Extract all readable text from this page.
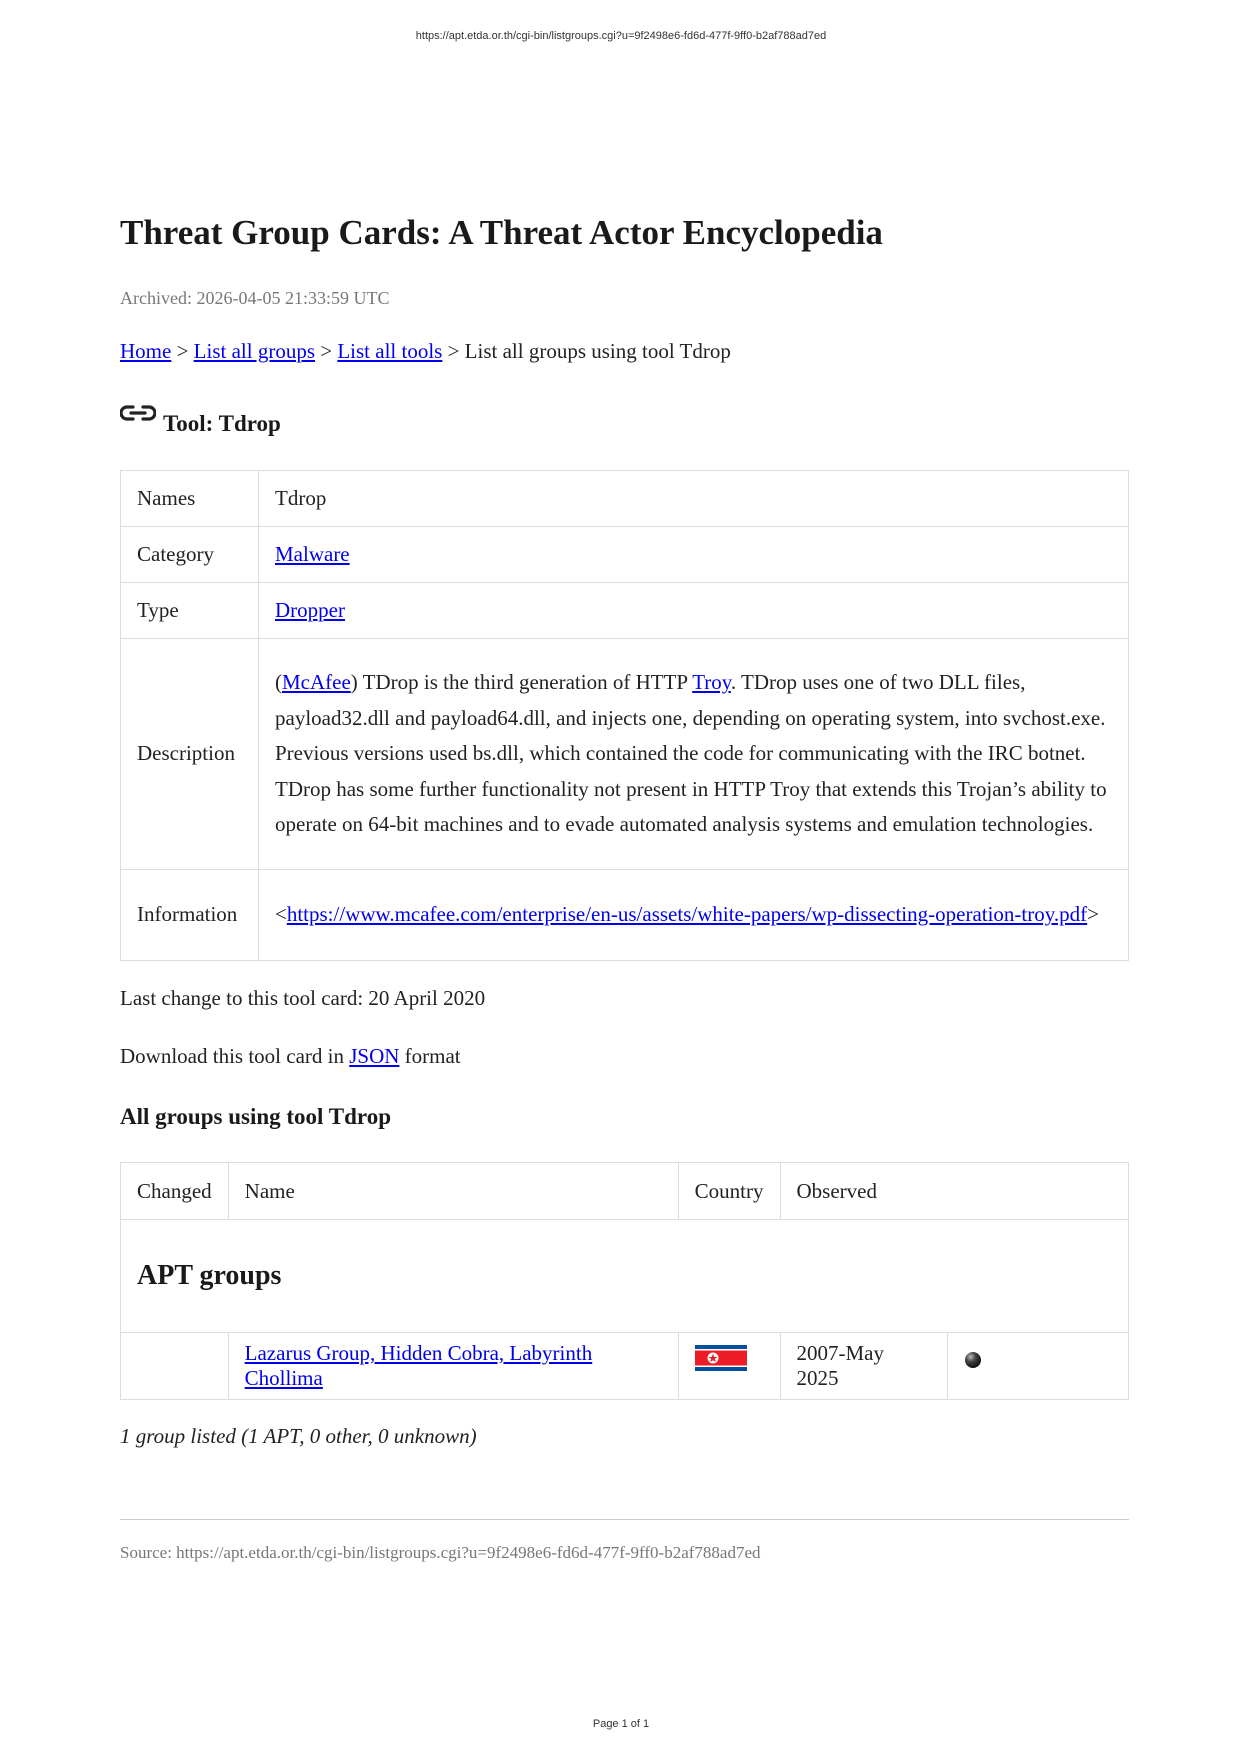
https://apt.etda.or.th/cgi-bin/listgroups.cgi?u=9f2498e6-fd6d-477f-9ff0-b2af788ad7ed
Threat Group Cards: A Threat Actor Encyclopedia
Archived: 2026-04-05 21:33:59 UTC
Home > List all groups > List all tools > List all groups using tool Tdrop
Tool: Tdrop
Names	Tdrop
Category	Malware
Type	Dropper
Description	(McAfee) TDrop is the third generation of HTTP Troy. TDrop uses one of two DLL files, payload32.dll and payload64.dll, and injects one, depending on operating system, into svchost.exe. Previous versions used bs.dll, which contained the code for communicating with the IRC botnet. TDrop has some further functionality not present in HTTP Troy that extends this Trojan’s ability to operate on 64-bit machines and to evade automated analysis systems and emulation technologies.
Information	<https://www.mcafee.com/enterprise/en-us/assets/white-papers/wp-dissecting-operation-troy.pdf>
Last change to this tool card: 20 April 2020
Download this tool card in JSON format
All groups using tool Tdrop
Changed	Name	Country	Observed	
APT groups				
	Lazarus Group, Hidden Cobra, Labyrinth Chollima		2007-May 2025	
1 group listed (1 APT, 0 other, 0 unknown)
Source: https://apt.etda.or.th/cgi-bin/listgroups.cgi?u=9f2498e6-fd6d-477f-9ff0-b2af788ad7ed
Page 1 of 1
